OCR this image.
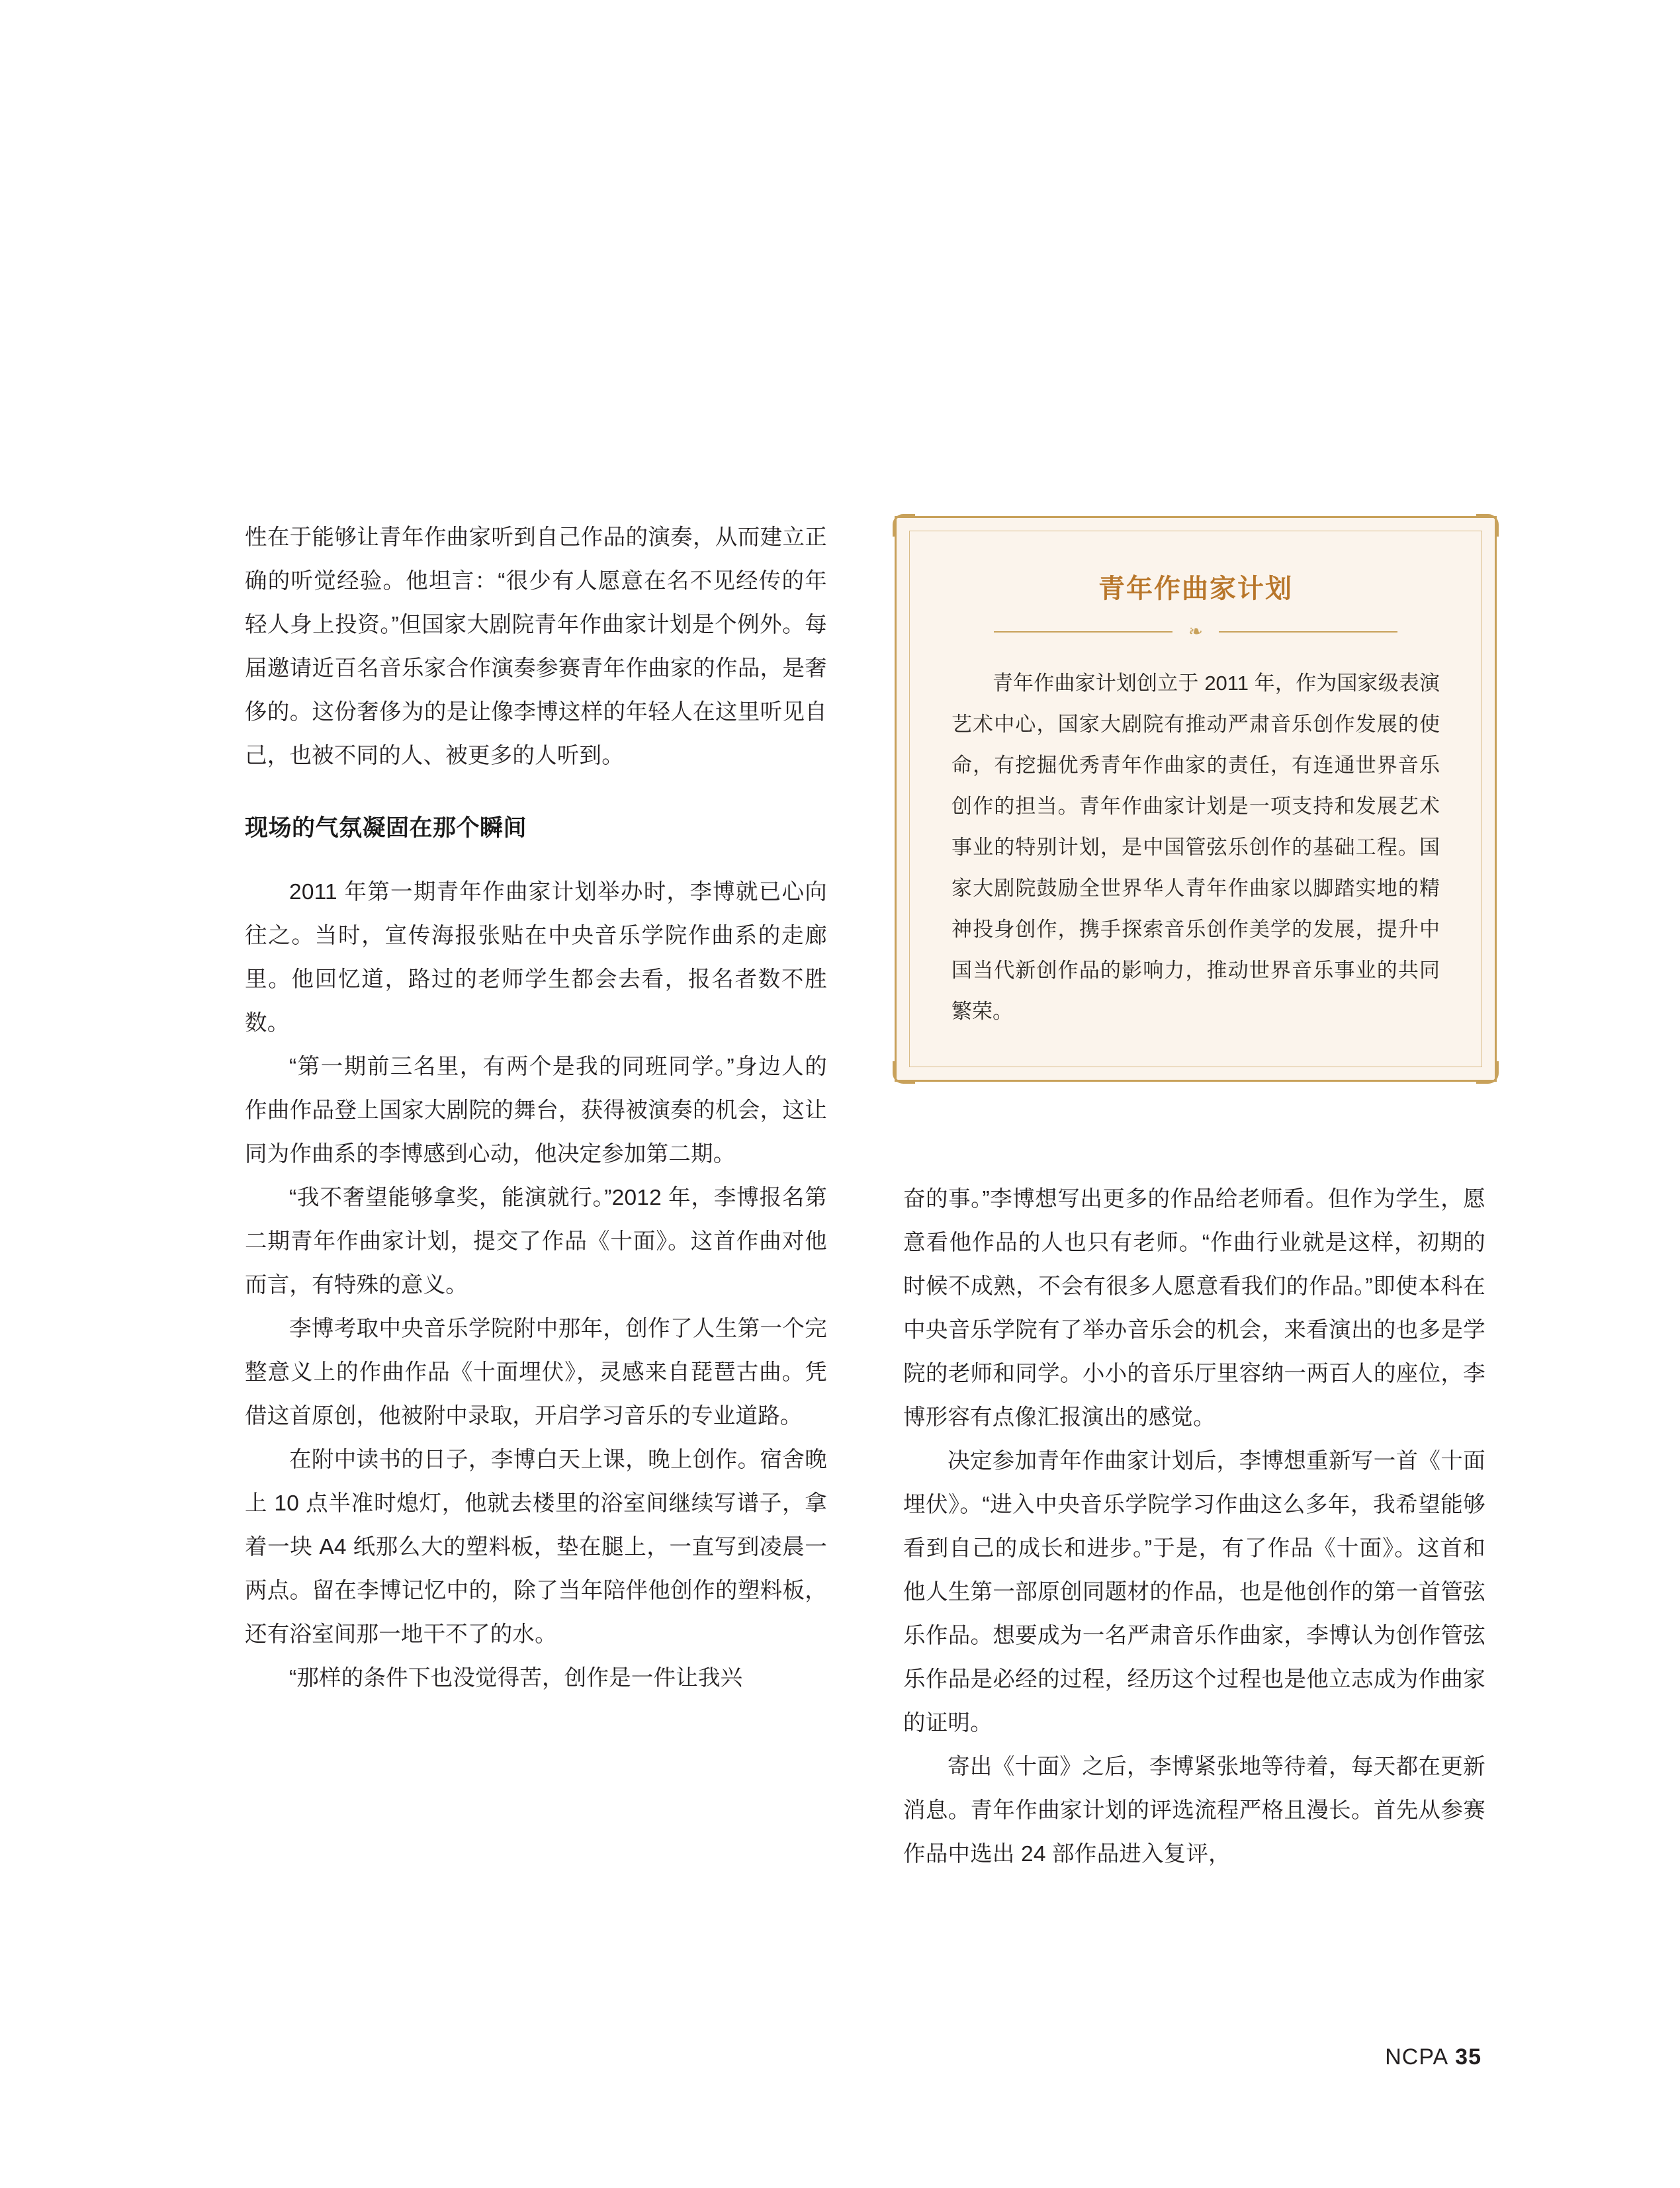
性在于能够让青年作曲家听到自己作品的演奏，从而建立正确的听觉经验。他坦言：“很少有人愿意在名不见经传的年轻人身上投资。”但国家大剧院青年作曲家计划是个例外。每届邀请近百名音乐家合作演奏参赛青年作曲家的作品，是奢侈的。这份奢侈为的是让像李博这样的年轻人在这里听见自己，也被不同的人、被更多的人听到。

现场的气氛凝固在那个瞬间

2011 年第一期青年作曲家计划举办时，李博就已心向往之。当时，宣传海报张贴在中央音乐学院作曲系的走廊里。他回忆道，路过的老师学生都会去看，报名者数不胜数。

“第一期前三名里，有两个是我的同班同学。”身边人的作曲作品登上国家大剧院的舞台，获得被演奏的机会，这让同为作曲系的李博感到心动，他决定参加第二期。

“我不奢望能够拿奖，能演就行。”2012 年，李博报名第二期青年作曲家计划，提交了作品《十面》。这首作曲对他而言，有特殊的意义。

李博考取中央音乐学院附中那年，创作了人生第一个完整意义上的作曲作品《十面埋伏》，灵感来自琵琶古曲。凭借这首原创，他被附中录取，开启学习音乐的专业道路。

在附中读书的日子，李博白天上课，晚上创作。宿舍晚上 10 点半准时熄灯，他就去楼里的浴室间继续写谱子，拿着一块 A4 纸那么大的塑料板，垫在腿上，一直写到凌晨一两点。留在李博记忆中的，除了当年陪伴他创作的塑料板，还有浴室间那一地干不了的水。

“那样的条件下也没觉得苦，创作是一件让我兴

青年作曲家计划
❧
青年作曲家计划创立于 2011 年，作为国家级表演艺术中心，国家大剧院有推动严肃音乐创作发展的使命，有挖掘优秀青年作曲家的责任，有连通世界音乐创作的担当。青年作曲家计划是一项支持和发展艺术事业的特别计划，是中国管弦乐创作的基础工程。国家大剧院鼓励全世界华人青年作曲家以脚踏实地的精神投身创作，携手探索音乐创作美学的发展，提升中国当代新创作品的影响力，推动世界音乐事业的共同繁荣。

奋的事。”李博想写出更多的作品给老师看。但作为学生，愿意看他作品的人也只有老师。“作曲行业就是这样，初期的时候不成熟，不会有很多人愿意看我们的作品。”即使本科在中央音乐学院有了举办音乐会的机会，来看演出的也多是学院的老师和同学。小小的音乐厅里容纳一两百人的座位，李博形容有点像汇报演出的感觉。

决定参加青年作曲家计划后，李博想重新写一首《十面埋伏》。“进入中央音乐学院学习作曲这么多年，我希望能够看到自己的成长和进步。”于是，有了作品《十面》。这首和他人生第一部原创同题材的作品，也是他创作的第一首管弦乐作品。想要成为一名严肃音乐作曲家，李博认为创作管弦乐作品是必经的过程，经历这个过程也是他立志成为作曲家的证明。

寄出《十面》之后，李博紧张地等待着，每天都在更新消息。青年作曲家计划的评选流程严格且漫长。首先从参赛作品中选出 24 部作品进入复评，

NCPA 35
